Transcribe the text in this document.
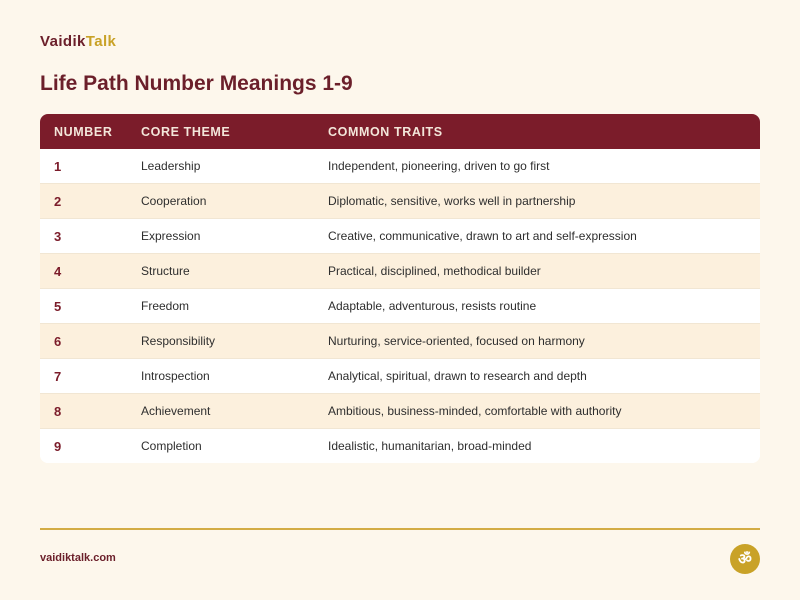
VaidikTalk
Life Path Number Meanings 1-9
NUMBER	CORE THEME	COMMON TRAITS
1	Leadership	Independent, pioneering, driven to go first
2	Cooperation	Diplomatic, sensitive, works well in partnership
3	Expression	Creative, communicative, drawn to art and self-expression
4	Structure	Practical, disciplined, methodical builder
5	Freedom	Adaptable, adventurous, resists routine
6	Responsibility	Nurturing, service-oriented, focused on harmony
7	Introspection	Analytical, spiritual, drawn to research and depth
8	Achievement	Ambitious, business-minded, comfortable with authority
9	Completion	Idealistic, humanitarian, broad-minded
vaidiktalk.com	ॐ
